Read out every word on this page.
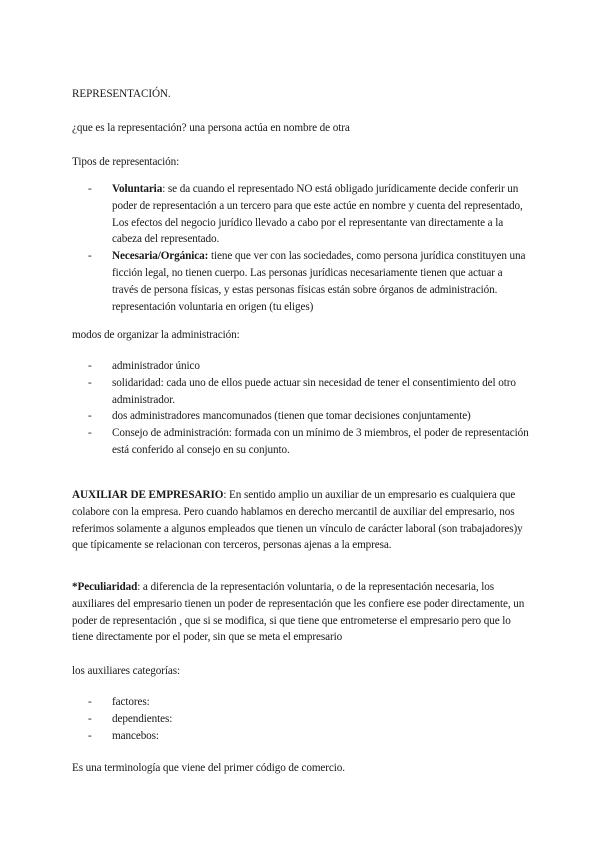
REPRESENTACIÓN.

¿que es la representación? una persona actúa en nombre de otra

Tipos de representación:

- Voluntaria: se da cuando el representado NO está obligado jurídicamente decide conferir un poder de representación a un tercero para que este actúe en nombre y cuenta del representado, Los efectos del negocio jurídico llevado a cabo por el representante van directamente a la cabeza del representado.
- Necesaria/Orgánica: tiene que ver con las sociedades, como persona jurídica constituyen una ficción legal, no tienen cuerpo. Las personas jurídicas necesariamente tienen que actuar a través de persona físicas, y estas personas físicas están sobre órganos de administración. representación voluntaria en origen (tu eliges)

modos de organizar la administración:

- administrador único
- solidaridad: cada uno de ellos puede actuar sin necesidad de tener el consentimiento del otro administrador.
- dos administradores mancomunados (tienen que tomar decisiones conjuntamente)
- Consejo de administración: formada con un mínimo de 3 miembros, el poder de representación está conferido al consejo en su conjunto.

AUXILIAR DE EMPRESARIO: En sentido amplio un auxiliar de un empresario es cualquiera que colabore con la empresa. Pero cuando hablamos en derecho mercantil de auxiliar del empresario, nos referimos solamente a algunos empleados que tienen un vínculo de carácter laboral (son trabajadores)y que típicamente se relacionan con terceros, personas ajenas a la empresa.

*Peculiaridad: a diferencia de la representación voluntaria, o de la representación necesaria, los auxiliares del empresario tienen un poder de representación que les confiere ese poder directamente, un poder de representación , que si se modifica, si que tiene que entrometerse el empresario pero que lo tiene directamente por el poder, sin que se meta el empresario

los auxiliares categorías:

- factores:
- dependientes:
- mancebos:

Es una terminología que viene del primer código de comercio.
